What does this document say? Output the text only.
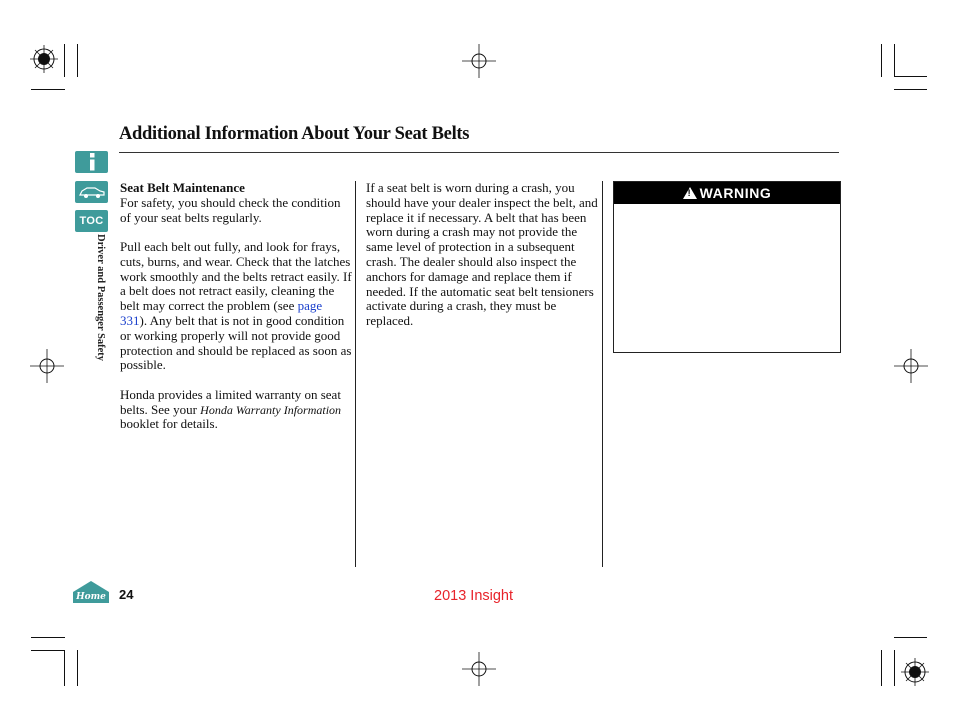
Additional Information About Your Seat Belts
TOC
Driver and Passenger Safety

Seat Belt Maintenance

For safety, you should check the condition of your seat belts regularly.

Pull each belt out fully, and look for frays, cuts, burns, and wear. Check that the latches work smoothly and the belts retract easily. If a belt does not retract easily, cleaning the belt may correct the problem (see page 331). Any belt that is not in good condition or working properly will not provide good protection and should be replaced as soon as possible.

Honda provides a limited warranty on seat belts. See your Honda Warranty Information booklet for details.

If a seat belt is worn during a crash, you should have your dealer inspect the belt, and replace it if necessary. A belt that has been worn during a crash may not provide the same level of protection in a subsequent crash. The dealer should also inspect the anchors for damage and replace them if needed. If the automatic seat belt tensioners activate during a crash, they must be replaced.

! WARNING
Home 24	2013 Insight
